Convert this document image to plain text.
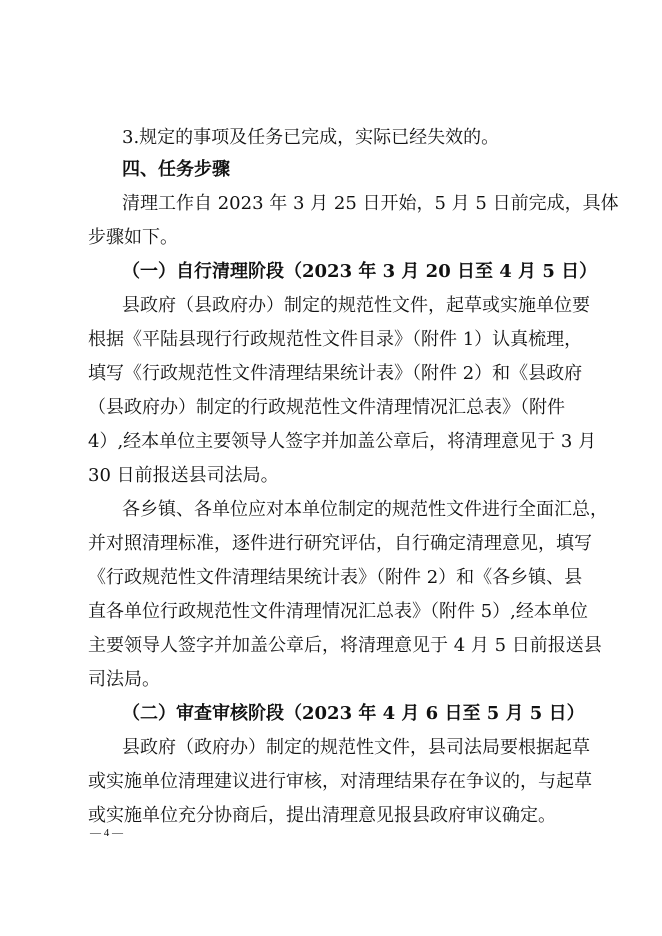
3.规定的事项及任务已完成，实际已经失效的。
四、任务步骤
清理工作自 2023 年 3 月 25 日开始，5 月 5 日前完成，具体
步骤如下。
（一）自行清理阶段（2023 年 3 月 20 日至 4 月 5 日）
县政府（县政府办）制定的规范性文件，起草或实施单位要
根据《平陆县现行行政规范性文件目录》（附件 1）认真梳理，
填写《行政规范性文件清理结果统计表》（附件 2）和《县政府
（县政府办）制定的行政规范性文件清理情况汇总表》（附件
4）,经本单位主要领导人签字并加盖公章后，将清理意见于 3 月
30 日前报送县司法局。
各乡镇、各单位应对本单位制定的规范性文件进行全面汇总，
并对照清理标准，逐件进行研究评估，自行确定清理意见，填写
《行政规范性文件清理结果统计表》（附件 2）和《各乡镇、县
直各单位行政规范性文件清理情况汇总表》（附件 5）,经本单位
主要领导人签字并加盖公章后，将清理意见于 4 月 5 日前报送县
司法局。
（二）审查审核阶段（2023 年 4 月 6 日至 5 月 5 日）
县政府（政府办）制定的规范性文件，县司法局要根据起草
或实施单位清理建议进行审核，对清理结果存在争议的，与起草
或实施单位充分协商后，提出清理意见报县政府审议确定。
— 4 —
